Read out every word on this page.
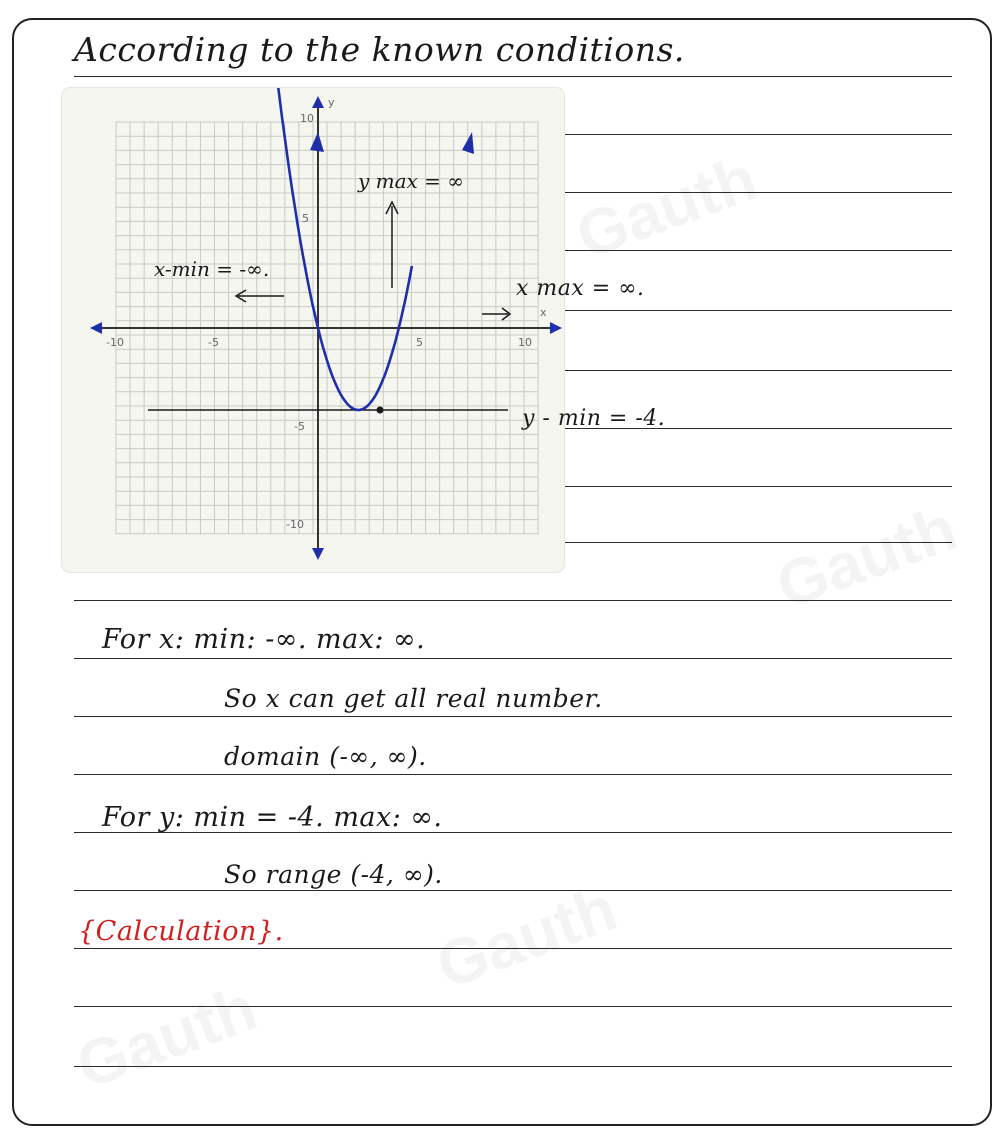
According to the known conditions.
y
x
10
5
-5
-10
-10	-5	5	10
y max = ∞
x-min = -∞.
x max = ∞.
y - min = -4.
For x: min: -∞. max: ∞.
So x can get all real number.
domain (-∞, ∞).
For y: min = -4. max: ∞.
So range (-4, ∞).
{Calculation}.
